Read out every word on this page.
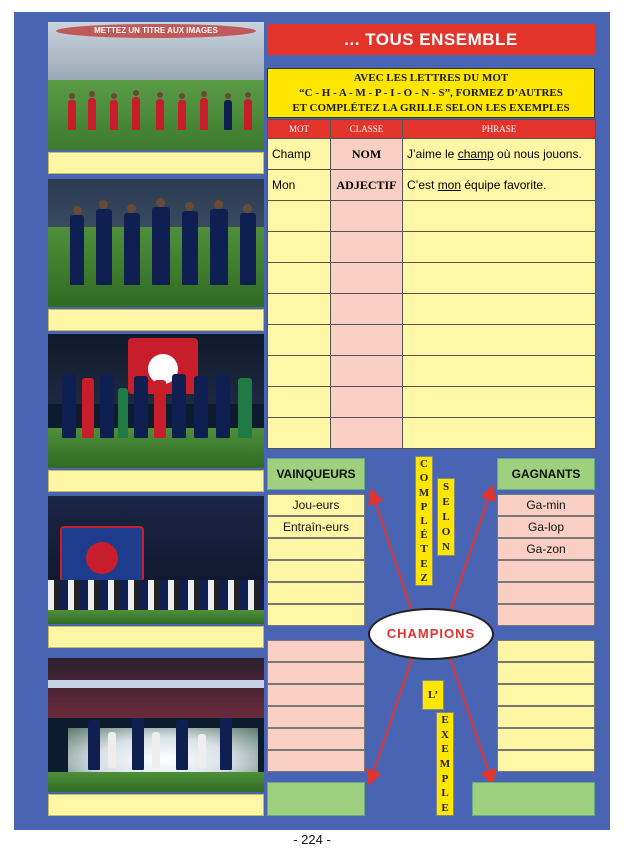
METTEZ UN TITRE AUX IMAGES	... TOUS ENSEMBLE
AVEC LES LETTRES DU MOT
“C - H - A - M - P - I - O - N - S”, FORMEZ D’AUTRES
ET COMPLÉTEZ LA GRILLE SELON LES EXEMPLES
MOT	CLASSE	PHRASE
Champ	NOM	J’aime le champ où nous jouons.
Mon	ADJECTIF	C’est mon équipe favorite.

VAINQUEURS	GAGNANTS
C
O
M
P
L
É
T
E
Z
S
E
L
O
N
CHAMPIONS
L’
E
X
E
M
P
L
E
Jou-eurs
Entraîn-eurs
Ga-min
Ga-lop
Ga-zon
- 224 -
